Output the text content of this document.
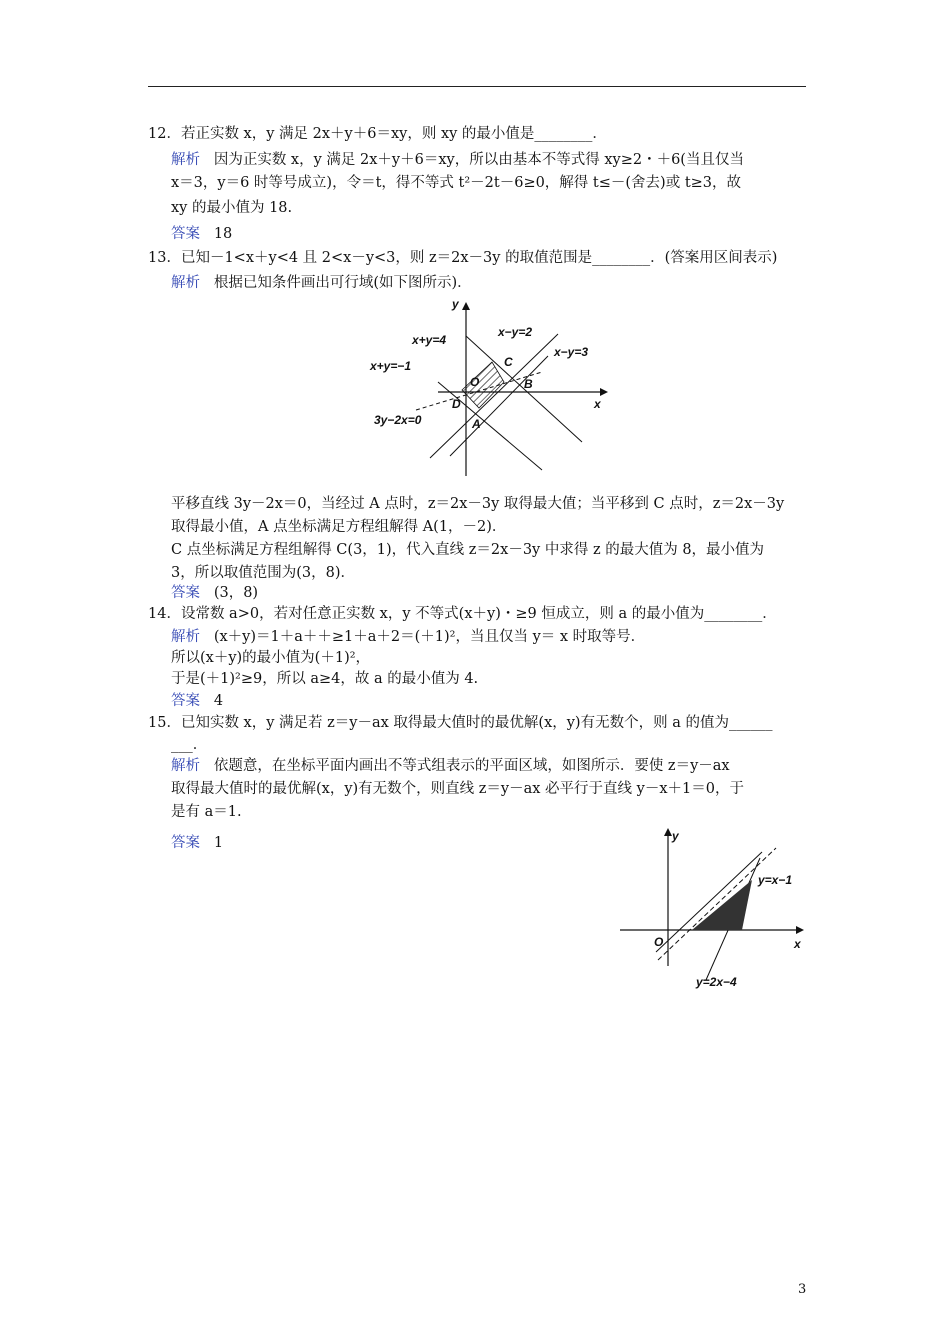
12．若正实数 x，y 满足 2x＋y＋6＝xy，则 xy 的最小值是________．
解析 因为正实数 x，y 满足 2x＋y＋6＝xy，所以由基本不等式得 xy≥2・＋6(当且仅当
x＝3，y＝6 时等号成立)，令＝t，得不等式 t²－2t－6≥0，解得 t≤－(舍去)或 t≥3，故
xy 的最小值为 18.
答案 18
13．已知－1<x＋y<4 且 2<x－y<3，则 z＝2x－3y 的取值范围是________．(答案用区间表示)
解析 根据已知条件画出可行域(如下图所示)．
y
x
x+y=4
x+y=−1
x−y=2
x−y=3
3y−2x=0
O
C
B
D
A
平移直线 3y－2x＝0，当经过 A 点时，z＝2x－3y 取得最大值；当平移到 C 点时，z＝2x－3y
取得最小值，A 点坐标满足方程组解得 A(1，－2)．
C 点坐标满足方程组解得 C(3，1)，代入直线 z＝2x－3y 中求得 z 的最大值为 8，最小值为
3，所以取值范围为(3，8)．
答案 (3，8)
14．设常数 a>0，若对任意正实数 x，y 不等式(x＋y)・≥9 恒成立，则 a 的最小值为________．
解析 (x＋y)＝1＋a＋＋≥1＋a＋2＝(＋1)²，当且仅当 y＝ x 时取等号．
所以(x＋y)的最小值为(＋1)²，
于是(＋1)²≥9，所以 a≥4，故 a 的最小值为 4.
答案 4
15．已知实数 x，y 满足若 z＝y－ax 取得最大值时的最优解(x，y)有无数个，则 a 的值为______
___．
解析 依题意，在坐标平面内画出不等式组表示的平面区域，如图所示．要使 z＝y－ax
取得最大值时的最优解(x，y)有无数个，则直线 z＝y－ax 必平行于直线 y－x＋1＝0，于
是有 a＝1.
答案 1	y
x
O
y=x−1
y=2x−4
3
